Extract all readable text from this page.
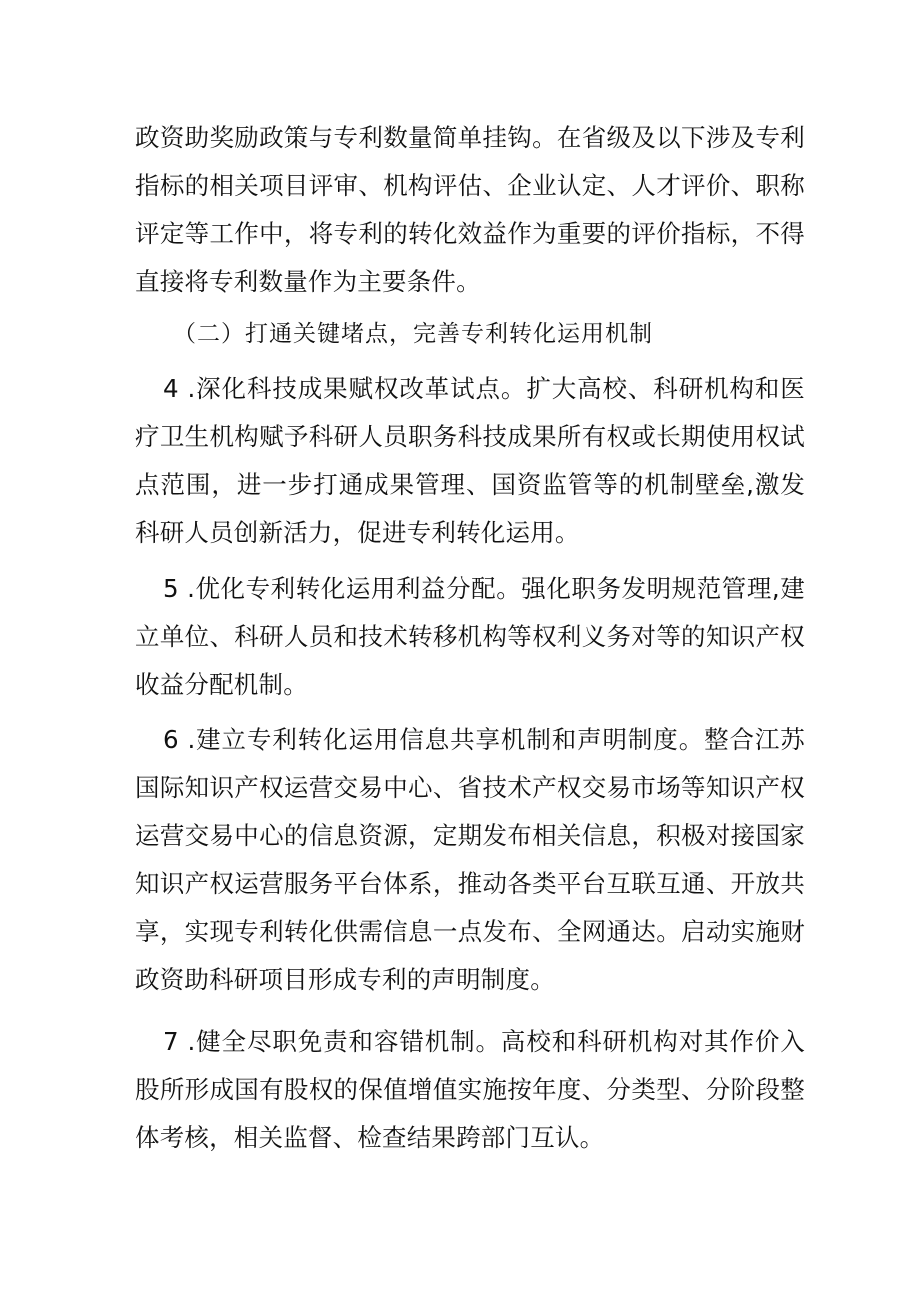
政资助奖励政策与专利数量简单挂钩。在省级及以下涉及专利指标的相关项目评审、机构评估、企业认定、人才评价、职称评定等工作中，将专利的转化效益作为重要的评价指标，不得直接将专利数量作为主要条件。
（二）打通关键堵点，完善专利转化运用机制
4 .深化科技成果赋权改革试点。扩大高校、科研机构和医疗卫生机构赋予科研人员职务科技成果所有权或长期使用权试点范围，进一步打通成果管理、国资监管等的机制壁垒,激发科研人员创新活力，促进专利转化运用。
5 .优化专利转化运用利益分配。强化职务发明规范管理,建立单位、科研人员和技术转移机构等权利义务对等的知识产权收益分配机制。
6 .建立专利转化运用信息共享机制和声明制度。整合江苏国际知识产权运营交易中心、省技术产权交易市场等知识产权运营交易中心的信息资源，定期发布相关信息，积极对接国家知识产权运营服务平台体系，推动各类平台互联互通、开放共享，实现专利转化供需信息一点发布、全网通达。启动实施财政资助科研项目形成专利的声明制度。
7 .健全尽职免责和容错机制。高校和科研机构对其作价入股所形成国有股权的保值增值实施按年度、分类型、分阶段整体考核，相关监督、检查结果跨部门互认。
